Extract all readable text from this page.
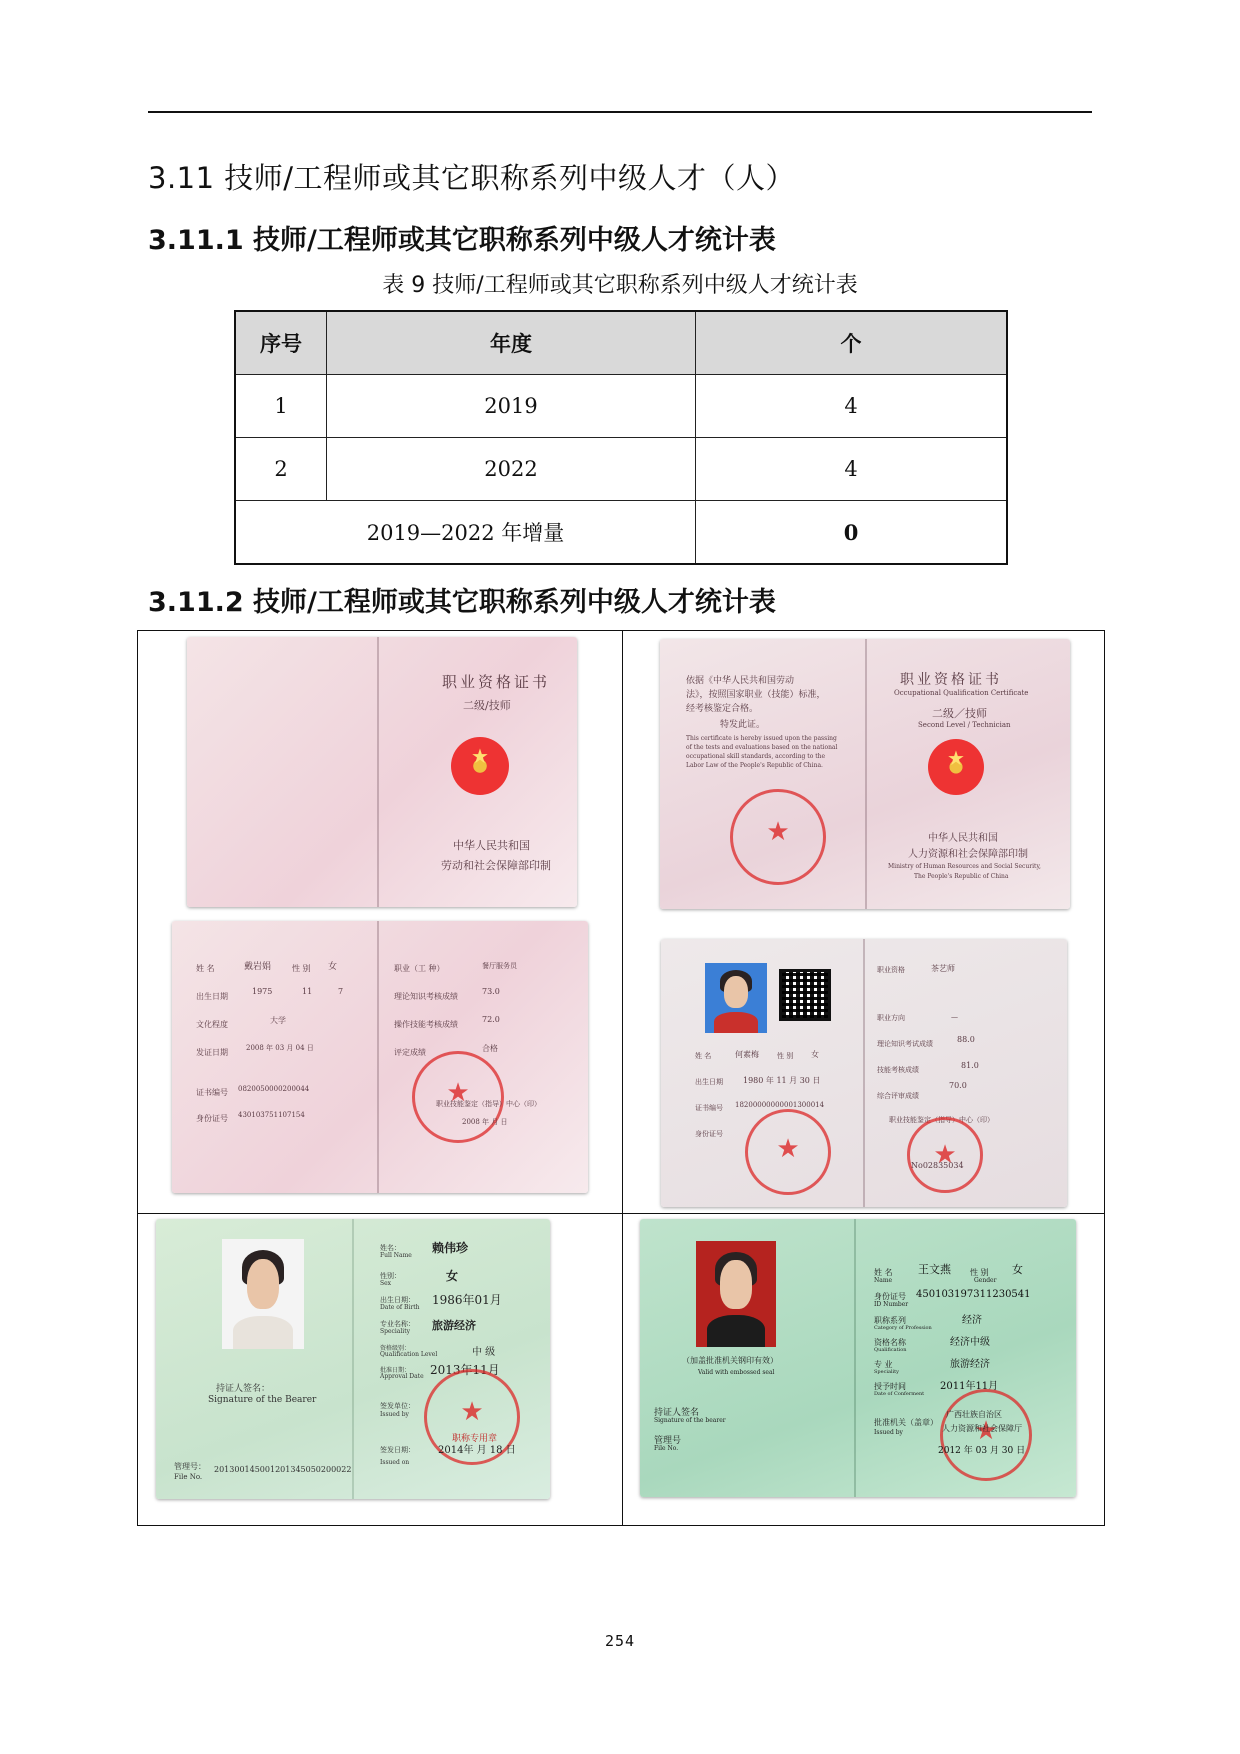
3.11 技师/工程师或其它职称系列中级人才（人）
3.11.1 技师/工程师或其它职称系列中级人才统计表
表 9 技师/工程师或其它职称系列中级人才统计表
序号	年度	个
1	2019	4
2	2022	4
2019—2022 年增量		0
3.11.2 技师/工程师或其它职称系列中级人才统计表
职业资格证书
二级/技师
★
中华人民共和国
劳动和社会保障部印制
依据《中华人民共和国劳动
法》，按照国家职业（技能）标准，
经考核鉴定合格。
特发此证。
This certificate is hereby issued upon the passing
of the tests and evaluations based on the national
occupational skill standards, according to the
Labor Law of the People's Republic of China.
★
职业资格证书
Occupational Qualification Certificate
二级／技师
Second Level / Technician
★
中华人民共和国
人力资源和社会保障部印制
Ministry of Human Resources and Social Security,
The People's Republic of China
姓 名	戴岩娟	性 别 女
出生日期
1975	11	7
文化程度	大学
发证日期	2008 年 03 月 04 日
证书编号 0820050000200044
身份证号 430103751107154
职业（工 种）	餐厅服务员
理论知识考核成绩
73.0
操作技能考核成绩
72.0
评定成绩	合格
★
职业技能鉴定（指导）中心（印）
2008 年 月 日
姓 名	何素梅	性 别 女
出生日期	1980 年 11 月 30 日
证书编号 18200000000001300014
身份证号
★
职业资格	茶艺师
职业方向	—
理论知识考试成绩	88.0
技能考核成绩	81.0
综合评审成绩
70.0
职业技能鉴定（指导）中心（印）
★
No02835034
持证人签名：
Signature of the Bearer
管理号：
File No.
201300145001201345050200022
姓名：
Full Name
赖伟珍
性别：
Sex
女
出生日期：
Date of Birth
1986年01月
专业名称：
Speciality 旅游经济
资格级别：
Qualification Level	中 级
批准日期：
Approval Date 2013年11月
签发单位：
Issued by
★
职称专用章
签发日期：
Issued on
2014年 月 18 日
（加盖批准机关钢印有效）
Valid with embossed seal
持证人签名
Signature of the bearer
管理号
File No.
姓 名
Name
王文燕 性 别
Gender
女
身份证号
ID Number
450103197311230541
职称系列
Category of Profession
经济
资格名称
Qualification
经济中级
专 业
Speciality
旅游经济
授予时间
Date of Conferment
2011年11月
★
批准机关（盖章）
Issued by
广西壮族自治区
人力资源和社会保障厅
2012 年 03 月 30 日
254
